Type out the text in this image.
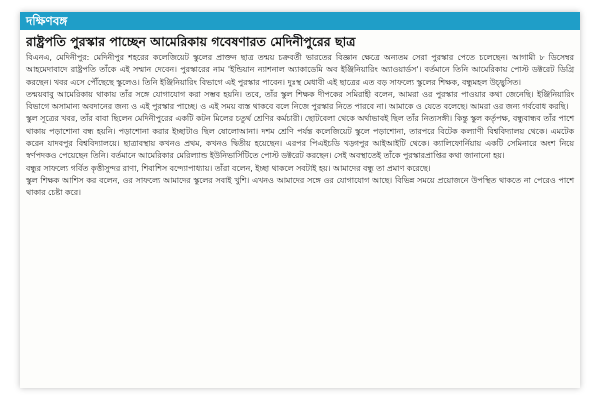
দক্ষিণবঙ্গ
রাষ্ট্রপতি পুরস্কার পাচ্ছেন আমেরিকায় গবেষণারত মেদিনীপুরের ছাত্র

বিএনএ, মেদিনীপুর: মেদিনীপুর শহরের কলেজিয়েট স্কুলের প্রাক্তন ছাত্র তন্ময় চক্রবর্তী ভারতের বিজ্ঞান ক্ষেত্রে অন্যতম সেরা পুরস্কার পেতে চলেছেন। আগামী ৮ ডিসেম্বর আহমেদাবাদে রাষ্ট্রপতি তাঁকে এই সম্মান দেবেন। পুরস্কারের নাম 'ইন্ডিয়ান ন্যাশনাল অ্যাকাডেমি অব ইঞ্জিনিয়ারিং অ্যাওয়ার্ডস'। বর্তমানে তিনি আমেরিকায় পোস্ট ডক্টরেট ডিগ্রি করছেন। খবর এসে পৌঁছেছে স্কুলেও। তিনি ইঞ্জিনিয়ারিং বিভাগে এই পুরস্কার পাবেন। দুঃস্থ মেধাবী এই ছাত্রের এত বড় সাফল্যে স্কুলের শিক্ষক, বন্ধুমহল উচ্ছ্বসিত।

তন্ময়বাবু আমেরিকায় থাকায় তাঁর সঙ্গে যোগাযোগ করা সম্ভব হয়নি। তবে, তাঁর স্কুল শিক্ষক দীপকের সমিরাহী বলেন, আমরা ওর পুরস্কার পাওয়ার কথা জেনেছি। ইঞ্জিনিয়ারিং বিভাগে অসামান্য অবদানের জন্য ও এই পুরস্কার পাচ্ছে। ও এই সময় ব্যস্ত থাকবে বলে নিজে পুরস্কার নিতে পারবে না। আমাকে ও যেতে বলেছে। আমরা ওর জন্য গর্ববোধ করছি।

স্কুল সূত্রের খবর, তাঁর বাবা ছিলেন মেদিনীপুরের একটি কটন মিলের চতুর্থ শ্রেণির কর্মচারী। ছোটবেলা থেকে অর্থাভাবই ছিল তাঁর নিত্যসঙ্গী। কিন্তু স্কুল কর্তৃপক্ষ, বন্ধুবান্ধব তাঁর পাশে থাকায় পড়াশোনা বন্ধ হয়নি। পড়াশোনা করার ইচ্ছাটাও ছিল ষোলোআনা। দশম শ্রেণি পর্যন্ত কলেজিয়েট স্কুলে পড়াশোনা, তারপরে বিটেক কল্যাণী বিশ্ববিদ্যালয় থেকে। এমটেক করেন যাদবপুর বিশ্ববিদ্যালয়ে। ছাত্রাবস্থায় কখনও প্রথম, কখনও দ্বিতীয় হয়েছেন। এরপর পিএইচডি খড়্গপুর আইআইটি থেকে। ক্যালিফোর্নিয়ায় একটি সেমিনারে অংশ নিয়ে স্বর্ণপদকও পেয়েছেন তিনি। বর্তমানে আমেরিকার মেরিল্যান্ড ইউনিভার্সিটিতে পোস্ট ডক্টরেট করছেন। সেই অবস্থাতেই তাঁকে পুরস্কারপ্রাপ্তির কথা জানানো হয়।

বন্ধুর সাফল্যে গর্বিত কৃত্তীসুন্দর রাণা, শিবাশিস বন্দ্যোপাধ্যায়। তাঁরা বলেন, ইচ্ছা থাকলে সবটাই হয়। আমাদের বন্ধু তা প্রমাণ করেছে।

স্কুল শিক্ষক আশিস কর বলেন, ওর সাফল্যে আমাদের স্কুলের সবাই খুশি। এখনও আমাদের সঙ্গে ওর যোগাযোগ আছে। বিভিন্ন সময়ে প্রয়োজনে উপস্থিত থাকতে না পেরেও পাশে থাকার চেষ্টা করে।
